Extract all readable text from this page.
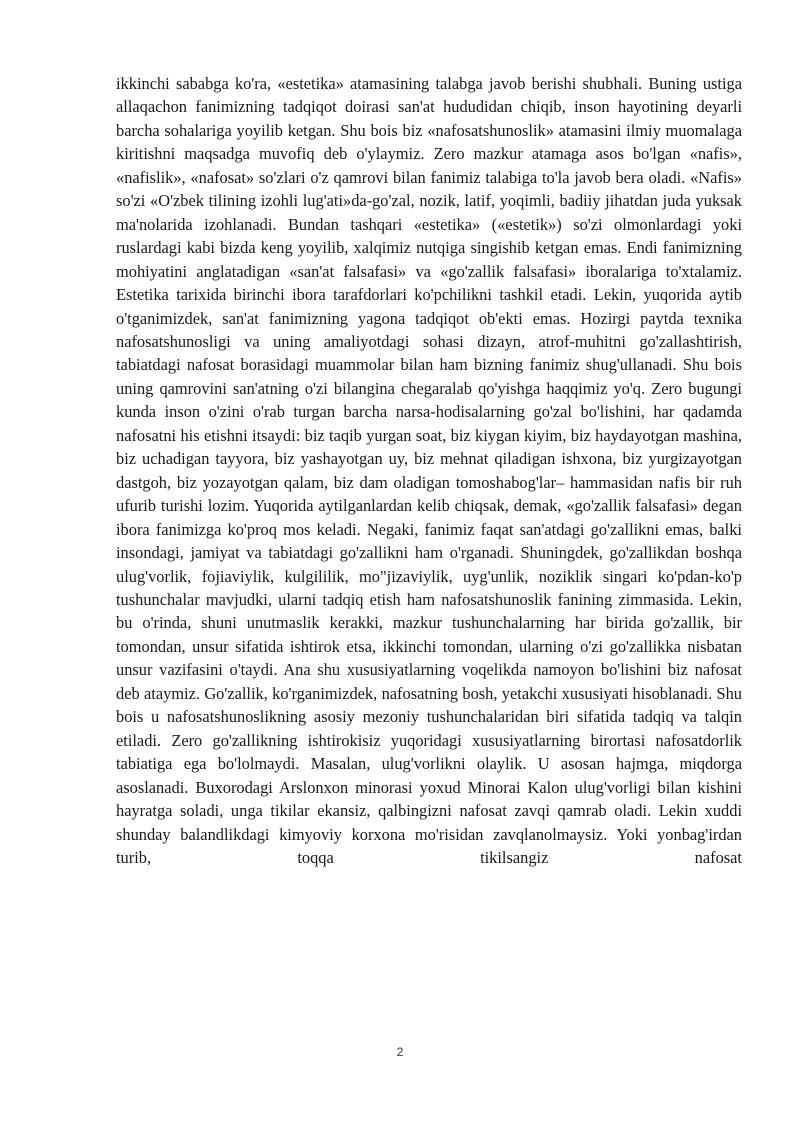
ikkinchi sababga ko'ra, «estetika» atamasining talabga javob berishi shubhali. Buning ustiga allaqachon fanimizning tadqiqot doirasi san'at hududidan chiqib, inson hayotining deyarli barcha sohalariga yoyilib ketgan. Shu bois biz «nafosatshunoslik» atamasini ilmiy muomalaga kiritishni maqsadga muvofiq deb o'ylaymiz. Zero mazkur atamaga asos bo'lgan «nafis», «nafislik», «nafosat» so'zlari o'z qamrovi bilan fanimiz talabiga to'la javob bera oladi. «Nafis» so'zi «O'zbek tilining izohli lug'ati»da-go'zal, nozik, latif, yoqimli, badiiy jihatdan juda yuksak ma'nolarida izohlanadi. Bundan tashqari «estetika» («estetik») so'zi olmonlardagi yoki ruslardagi kabi bizda keng yoyilib, xalqimiz nutqiga singishib ketgan emas. Endi fanimizning mohiyatini anglatadigan «san'at falsafasi» va «go'zallik falsafasi» iboralariga to'xtalamiz. Estetika tarixida birinchi ibora tarafdorlari ko'pchilikni tashkil etadi. Lekin, yuqorida aytib o'tganimizdek, san'at fanimizning yagona tadqiqot ob'ekti emas. Hozirgi paytda texnika nafosatshunosligi va uning amaliyotdagi sohasi dizayn, atrof-muhitni go'zallashtirish, tabiatdagi nafosat borasidagi muammolar bilan ham bizning fanimiz shug'ullanadi. Shu bois uning qamrovini san'atning o'zi bilangina chegaralab qo'yishga haqqimiz yo'q. Zero bugungi kunda inson o'zini o'rab turgan barcha narsa-hodisalarning go'zal bo'lishini, har qadamda nafosatni his etishni itsaydi: biz taqib yurgan soat, biz kiygan kiyim, biz haydayotgan mashina, biz uchadigan tayyora, biz yashayotgan uy, biz mehnat qiladigan ishxona, biz yurgizayotgan dastgoh, biz yozayotgan qalam, biz dam oladigan tomoshabog'lar– hammasidan nafis bir ruh ufurib turishi lozim. Yuqorida aytilganlardan kelib chiqsak, demak, «go'zallik falsafasi» degan ibora fanimizga ko'proq mos keladi. Negaki, fanimiz faqat san'atdagi go'zallikni emas, balki insondagi, jamiyat va tabiatdagi go'zallikni ham o'rganadi. Shuningdek, go'zallikdan boshqa ulug'vorlik, fojiaviylik, kulgililik, mo"jizaviylik, uyg'unlik, noziklik singari ko'pdan-ko'p tushunchalar mavjudki, ularni tadqiq etish ham nafosatshunoslik fanining zimmasida. Lekin, bu o'rinda, shuni unutmaslik kerakki, mazkur tushunchalarning har birida go'zallik, bir tomondan, unsur sifatida ishtirok etsa, ikkinchi tomondan, ularning o'zi go'zallikka nisbatan unsur vazifasini o'taydi. Ana shu xususiyatlarning voqelikda namoyon bo'lishini biz nafosat deb ataymiz. Go'zallik, ko'rganimizdek, nafosatning bosh, yetakchi xususiyati hisoblanadi. Shu bois u nafosatshunoslikning asosiy mezoniy tushunchalaridan biri sifatida tadqiq va talqin etiladi. Zero go'zallikning ishtirokisiz yuqoridagi xususiyatlarning birortasi nafosatdorlik tabiatiga ega bo'lolmaydi. Masalan, ulug'vorlikni olaylik. U asosan hajmga, miqdorga asoslanadi. Buxorodagi Arslonxon minorasi yoxud Minorai Kalon ulug'vorligi bilan kishini hayratga soladi, unga tikilar ekansiz, qalbingizni nafosat zavqi qamrab oladi. Lekin xuddi shunday balandlikdagi kimyoviy korxona mo'risidan zavqlanolmaysiz. Yoki yonbag'irdan turib, toqqa tikilsangiz nafosat

2
